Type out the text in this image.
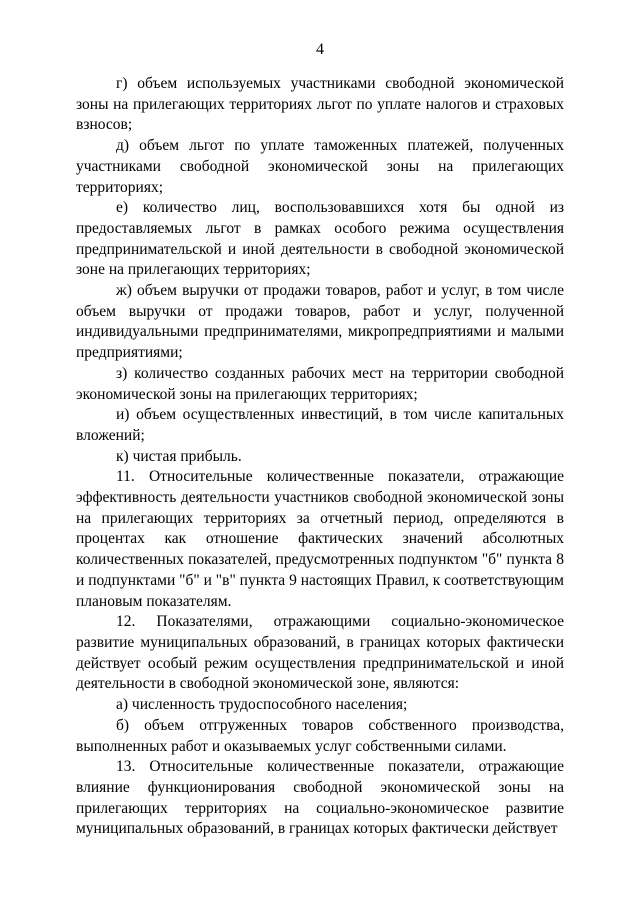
4

г) объем используемых участниками свободной экономической зоны на прилегающих территориях льгот по уплате налогов и страховых взносов;

д) объем льгот по уплате таможенных платежей, полученных участниками свободной экономической зоны на прилегающих территориях;

е) количество лиц, воспользовавшихся хотя бы одной из предоставляемых льгот в рамках особого режима осуществления предпринимательской и иной деятельности в свободной экономической зоне на прилегающих территориях;

ж) объем выручки от продажи товаров, работ и услуг, в том числе объем выручки от продажи товаров, работ и услуг, полученной индивидуальными предпринимателями, микропредприятиями и малыми предприятиями;

з) количество созданных рабочих мест на территории свободной экономической зоны на прилегающих территориях;

и) объем осуществленных инвестиций, в том числе капитальных вложений;

к) чистая прибыль.

11. Относительные количественные показатели, отражающие эффективность деятельности участников свободной экономической зоны на прилегающих территориях за отчетный период, определяются в процентах как отношение фактических значений абсолютных количественных показателей, предусмотренных подпунктом "б" пункта 8 и подпунктами "б" и "в" пункта 9 настоящих Правил, к соответствующим плановым показателям.

12. Показателями, отражающими социально-экономическое развитие муниципальных образований, в границах которых фактически действует особый режим осуществления предпринимательской и иной деятельности в свободной экономической зоне, являются:

а) численность трудоспособного населения;

б) объем отгруженных товаров собственного производства, выполненных работ и оказываемых услуг собственными силами.

13. Относительные количественные показатели, отражающие влияние функционирования свободной экономической зоны на прилегающих территориях на социально-экономическое развитие муниципальных образований, в границах которых фактически действует
